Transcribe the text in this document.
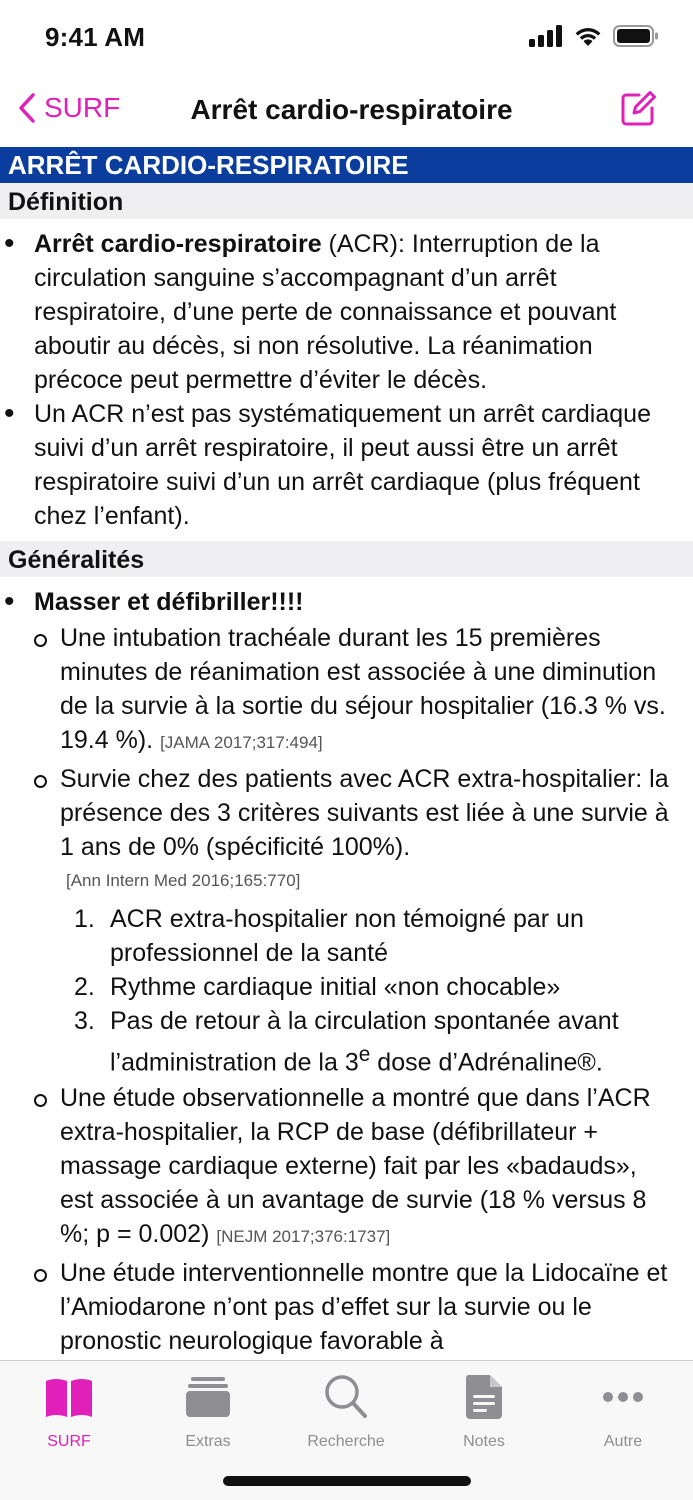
9:41 AM
SURF	Arrêt cardio-respiratoire
ARRÊT CARDIO-RESPIRATOIRE
Définition
• Arrêt cardio-respiratoire (ACR): Interruption de la circulation sanguine s’accompagnant d’un arrêt respiratoire, d’une perte de connaissance et pouvant aboutir au décès, si non résolutive. La réanimation précoce peut permettre d’éviter le décès.
• Un ACR n’est pas systématiquement un arrêt cardiaque suivi d’un arrêt respiratoire, il peut aussi être un arrêt respiratoire suivi d’un un arrêt cardiaque (plus fréquent chez l’enfant).
Généralités
• Masser et défibriller!!!!
Une intubation trachéale durant les 15 premières minutes de réanimation est associée à une diminution de la survie à la sortie du séjour hospitalier (16.3 % vs. 19.4 %). [JAMA 2017;317:494]
Survie chez des patients avec ACR extra-hospitalier: la présence des 3 critères suivants est liée à une survie à 1 ans de 0% (spécificité 100%).
[Ann Intern Med 2016;165:770]
1. ACR extra-hospitalier non témoigné par un professionnel de la santé
2. Rythme cardiaque initial «non chocable»
3. Pas de retour à la circulation spontanée avant l’administration de la 3e dose d’Adrénaline®.
Une étude observationnelle a montré que dans l’ACR extra-hospitalier, la RCP de base (défibrillateur + massage cardiaque externe) fait par les «badauds», est associée à un avantage de survie (18 % versus 8 %; p = 0.002) [NEJM 2017;376:1737]
Une étude interventionnelle montre que la Lidocaïne et l’Amiodarone n’ont pas d’effet sur la survie ou le pronostic neurologique favorable à
SURF	Extras	Recherche	Notes	Autre
